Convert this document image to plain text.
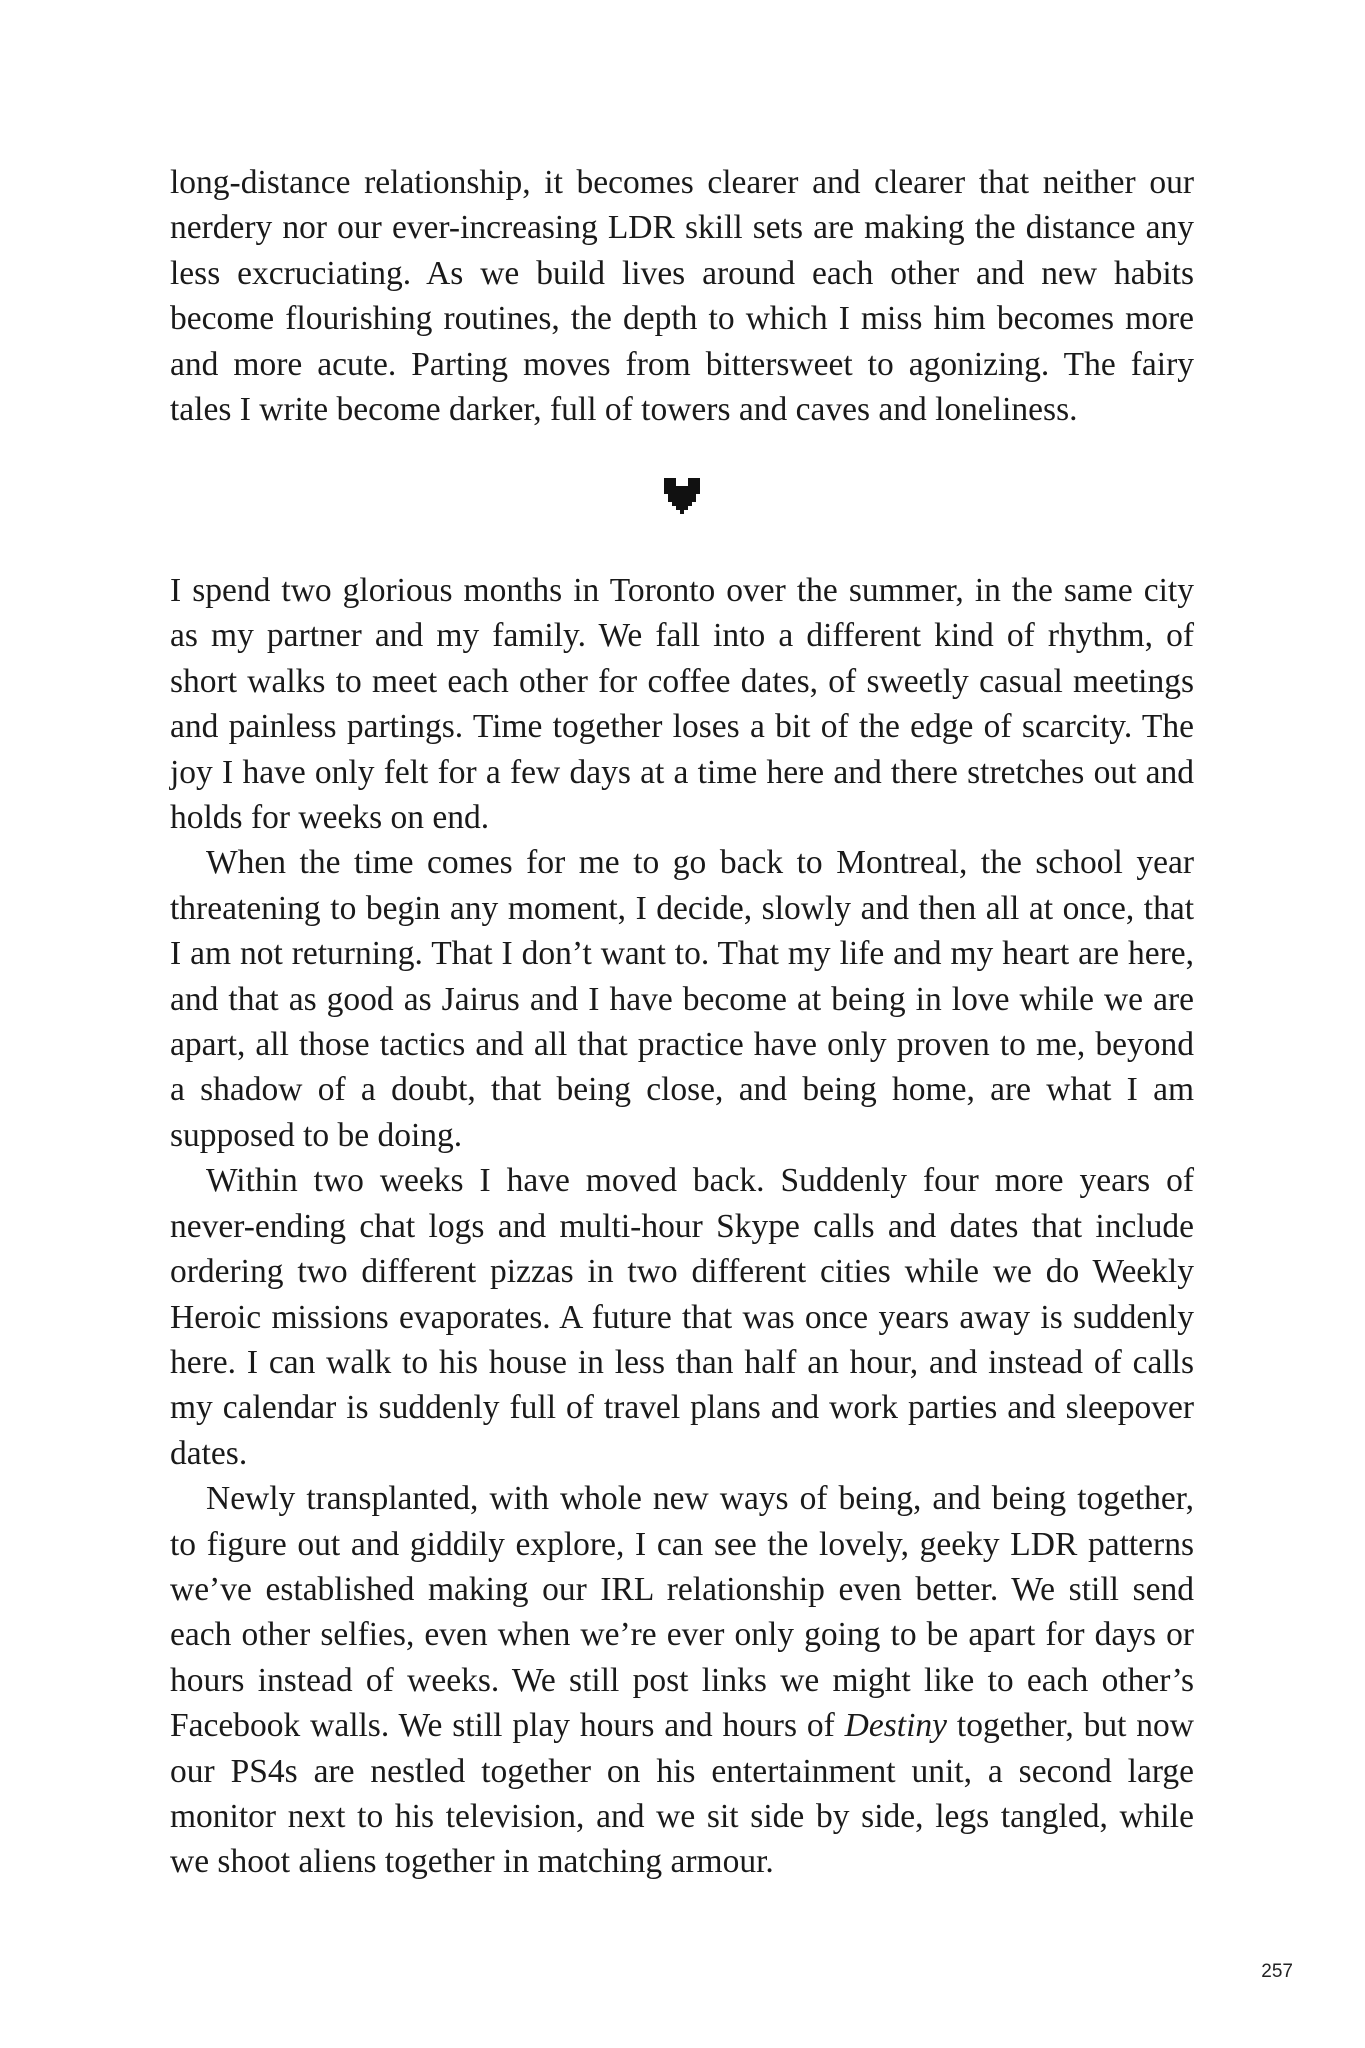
long-distance relationship, it becomes clearer and clearer that neither our nerdery nor our ever-increasing LDR skill sets are making the distance any less excruciating. As we build lives around each other and new habits become flourishing routines, the depth to which I miss him becomes more and more acute. Parting moves from bittersweet to agonizing. The fairy tales I write become darker, full of towers and caves and loneliness.

I spend two glorious months in Toronto over the summer, in the same city as my partner and my family. We fall into a different kind of rhythm, of short walks to meet each other for coffee dates, of sweetly casual meetings and painless partings. Time together loses a bit of the edge of scarcity. The joy I have only felt for a few days at a time here and there stretches out and holds for weeks on end.

When the time comes for me to go back to Montreal, the school year threatening to begin any moment, I decide, slowly and then all at once, that I am not returning. That I don’t want to. That my life and my heart are here, and that as good as Jairus and I have become at being in love while we are apart, all those tactics and all that practice have only proven to me, beyond a shadow of a doubt, that being close, and being home, are what I am supposed to be doing.

Within two weeks I have moved back. Suddenly four more years of never-ending chat logs and multi-hour Skype calls and dates that include ordering two different pizzas in two different cities while we do Weekly Heroic missions evaporates. A future that was once years away is suddenly here. I can walk to his house in less than half an hour, and instead of calls my calendar is suddenly full of travel plans and work parties and sleepover dates.

Newly transplanted, with whole new ways of being, and being together, to figure out and giddily explore, I can see the lovely, geeky LDR patterns we’ve established making our IRL relationship even better. We still send each other selfies, even when we’re ever only going to be apart for days or hours instead of weeks. We still post links we might like to each other’s Facebook walls. We still play hours and hours of Destiny together, but now our PS4s are nestled together on his entertainment unit, a second large monitor next to his television, and we sit side by side, legs tangled, while we shoot aliens together in matching armour.

257
